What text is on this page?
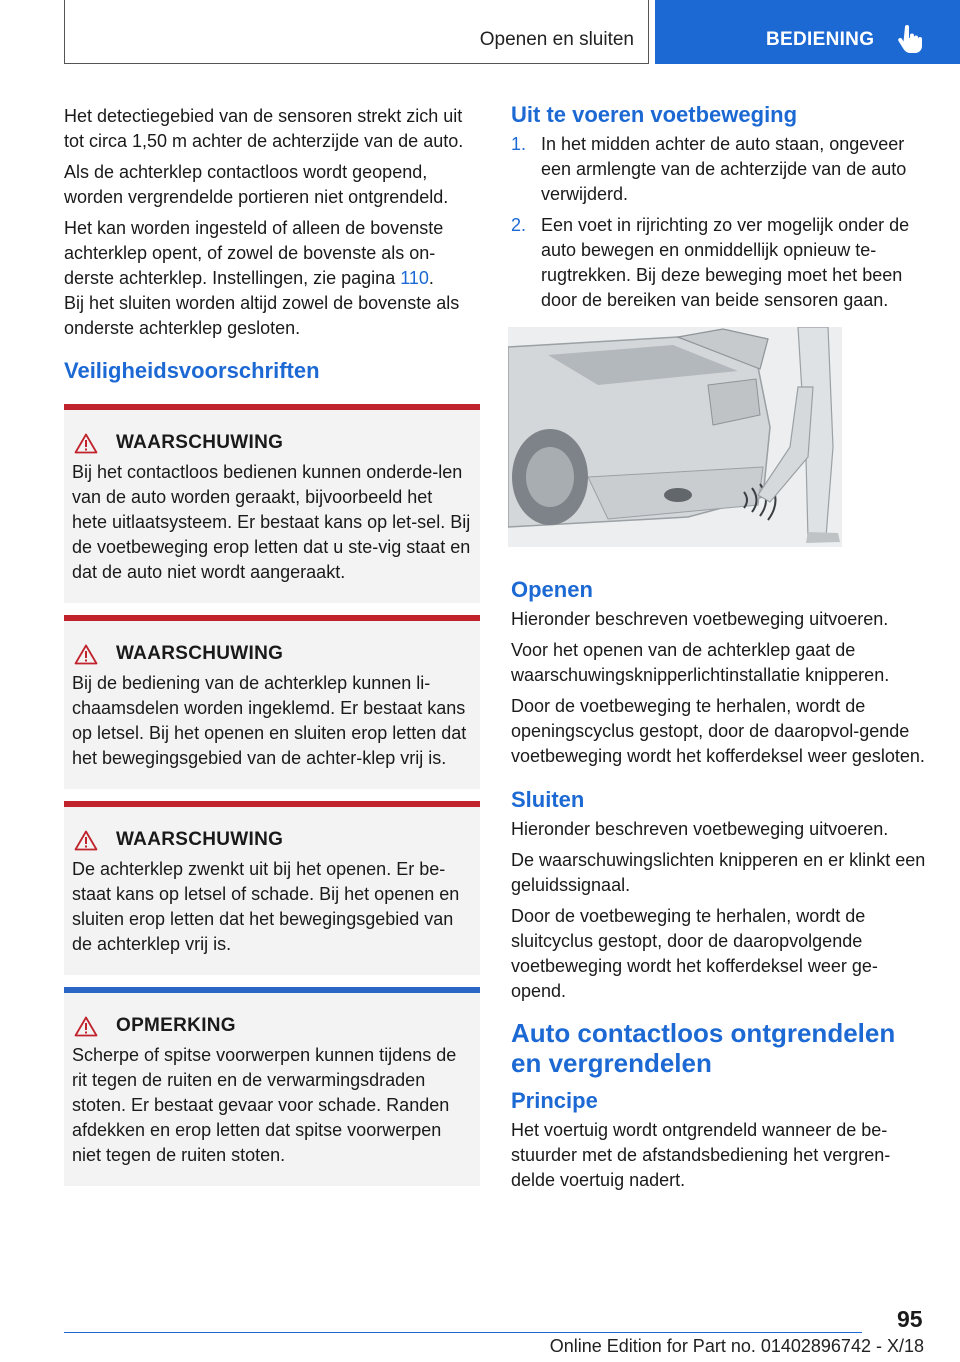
Openen en sluiten	BEDIENING

Het detectiegebied van de sensoren strekt zich uit tot circa 1,50 m achter de achterzijde van de auto.

Als de achterklep contactloos wordt geopend, worden vergrendelde portieren niet ontgrendeld.

Het kan worden ingesteld of alleen de bovenste achterklep opent, of zowel de bovenste als on-derste achterklep. Instellingen, zie pagina 110.

Bij het sluiten worden altijd zowel de bovenste als onderste achterklep gesloten.

Veiligheidsvoorschriften
WAARSCHUWING
Bij het contactloos bedienen kunnen onderde-len van de auto worden geraakt, bijvoorbeeld het hete uitlaatsysteem. Er bestaat kans op let-sel. Bij de voetbeweging erop letten dat u ste-vig staat en dat de auto niet wordt aangeraakt.
WAARSCHUWING
Bij de bediening van de achterklep kunnen li-chaamsdelen worden ingeklemd. Er bestaat kans op letsel. Bij het openen en sluiten erop letten dat het bewegingsgebied van de achter-klep vrij is.
WAARSCHUWING
De achterklep zwenkt uit bij het openen. Er be-staat kans op letsel of schade. Bij het openen en sluiten erop letten dat het bewegingsgebied van de achterklep vrij is.
OPMERKING
Scherpe of spitse voorwerpen kunnen tijdens de rit tegen de ruiten en de verwarmingsdraden stoten. Er bestaat gevaar voor schade. Randen afdekken en erop letten dat spitse voorwerpen niet tegen de ruiten stoten.
Uit te voeren voetbeweging
1. In het midden achter de auto staan, ongeveer een armlengte van de achterzijde van de auto verwijderd.
2. Een voet in rijrichting zo ver mogelijk onder de auto bewegen en onmiddellijk opnieuw te-rugtrekken. Bij deze beweging moet het been door de bereiken van beide sensoren gaan.
Openen

Hieronder beschreven voetbeweging uitvoeren.

Voor het openen van de achterklep gaat de waarschuwingsknipperlichtinstallatie knipperen.

Door de voetbeweging te herhalen, wordt de openingscyclus gestopt, door de daaropvol-gende voetbeweging wordt het kofferdeksel weer gesloten.

Sluiten

Hieronder beschreven voetbeweging uitvoeren.

De waarschuwingslichten knipperen en er klinkt een geluidssignaal.

Door de voetbeweging te herhalen, wordt de sluitcyclus gestopt, door de daaropvolgende voetbeweging wordt het kofferdeksel weer ge-opend.

Auto contactloos ontgrendelen en vergrendelen
Principe

Het voertuig wordt ontgrendeld wanneer de be-stuurder met de afstandsbediening het vergren-delde voertuig nadert.

95
Online Edition for Part no. 01402896742 - X/18
